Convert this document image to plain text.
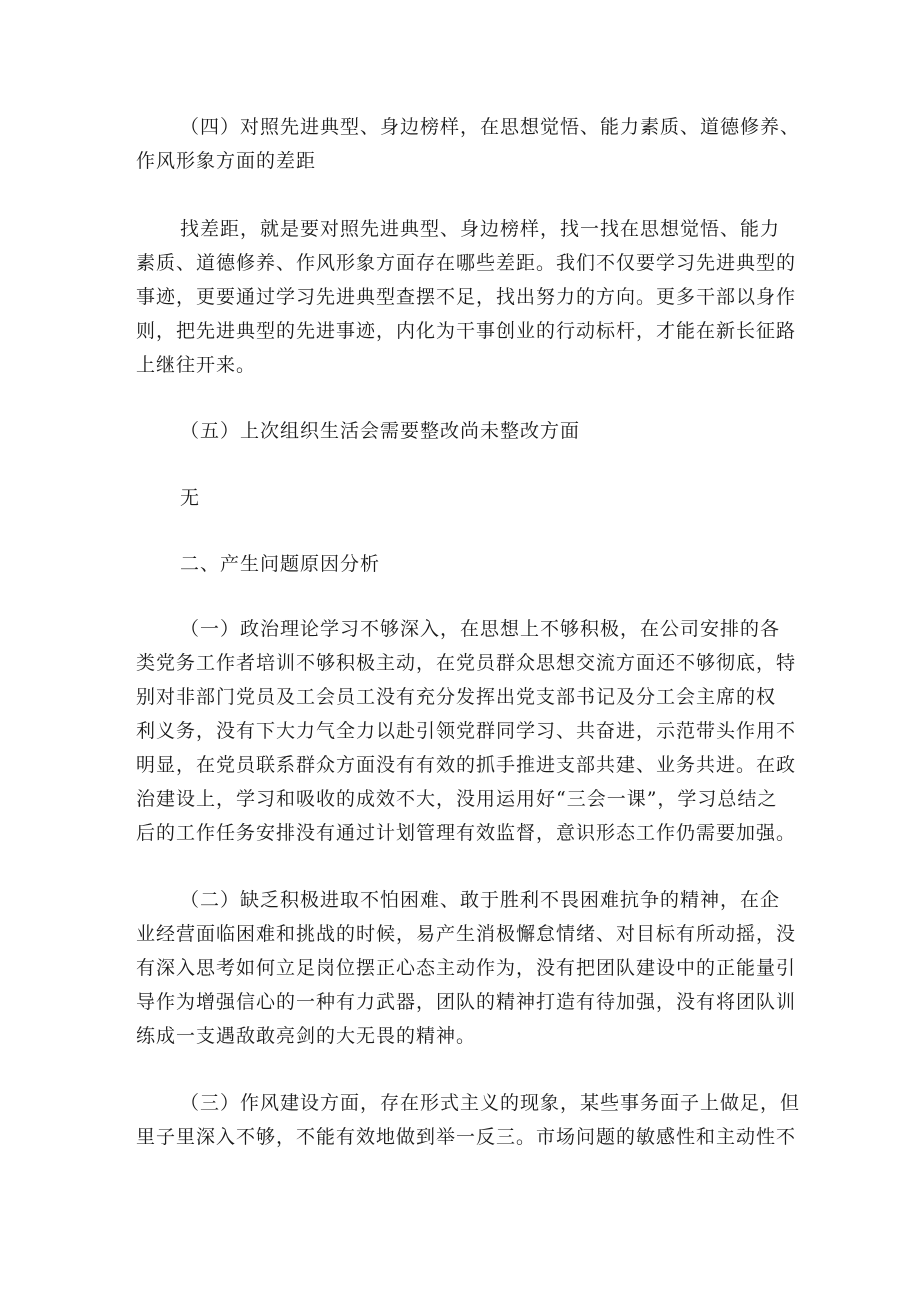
（四）对照先进典型、身边榜样，在思想觉悟、能力素质、道德修养、
作风形象方面的差距
找差距，就是要对照先进典型、身边榜样，找一找在思想觉悟、能力
素质、道德修养、作风形象方面存在哪些差距。我们不仅要学习先进典型的
事迹，更要通过学习先进典型查摆不足，找出努力的方向。更多干部以身作
则，把先进典型的先进事迹，内化为干事创业的行动标杆，才能在新长征路
上继往开来。
（五）上次组织生活会需要整改尚未整改方面
无
二、产生问题原因分析
（一）政治理论学习不够深入，在思想上不够积极，在公司安排的各
类党务工作者培训不够积极主动，在党员群众思想交流方面还不够彻底，特
别对非部门党员及工会员工没有充分发挥出党支部书记及分工会主席的权
利义务，没有下大力气全力以赴引领党群同学习、共奋进，示范带头作用不
明显，在党员联系群众方面没有有效的抓手推进支部共建、业务共进。在政
治建设上，学习和吸收的成效不大，没用运用好“三会一课”，学习总结之
后的工作任务安排没有通过计划管理有效监督，意识形态工作仍需要加强。
（二）缺乏积极进取不怕困难、敢于胜利不畏困难抗争的精神，在企
业经营面临困难和挑战的时候，易产生消极懈怠情绪、对目标有所动摇，没
有深入思考如何立足岗位摆正心态主动作为，没有把团队建设中的正能量引
导作为增强信心的一种有力武器，团队的精神打造有待加强，没有将团队训
练成一支遇敌敢亮剑的大无畏的精神。
（三）作风建设方面，存在形式主义的现象，某些事务面子上做足，但
里子里深入不够，不能有效地做到举一反三。市场问题的敏感性和主动性不
